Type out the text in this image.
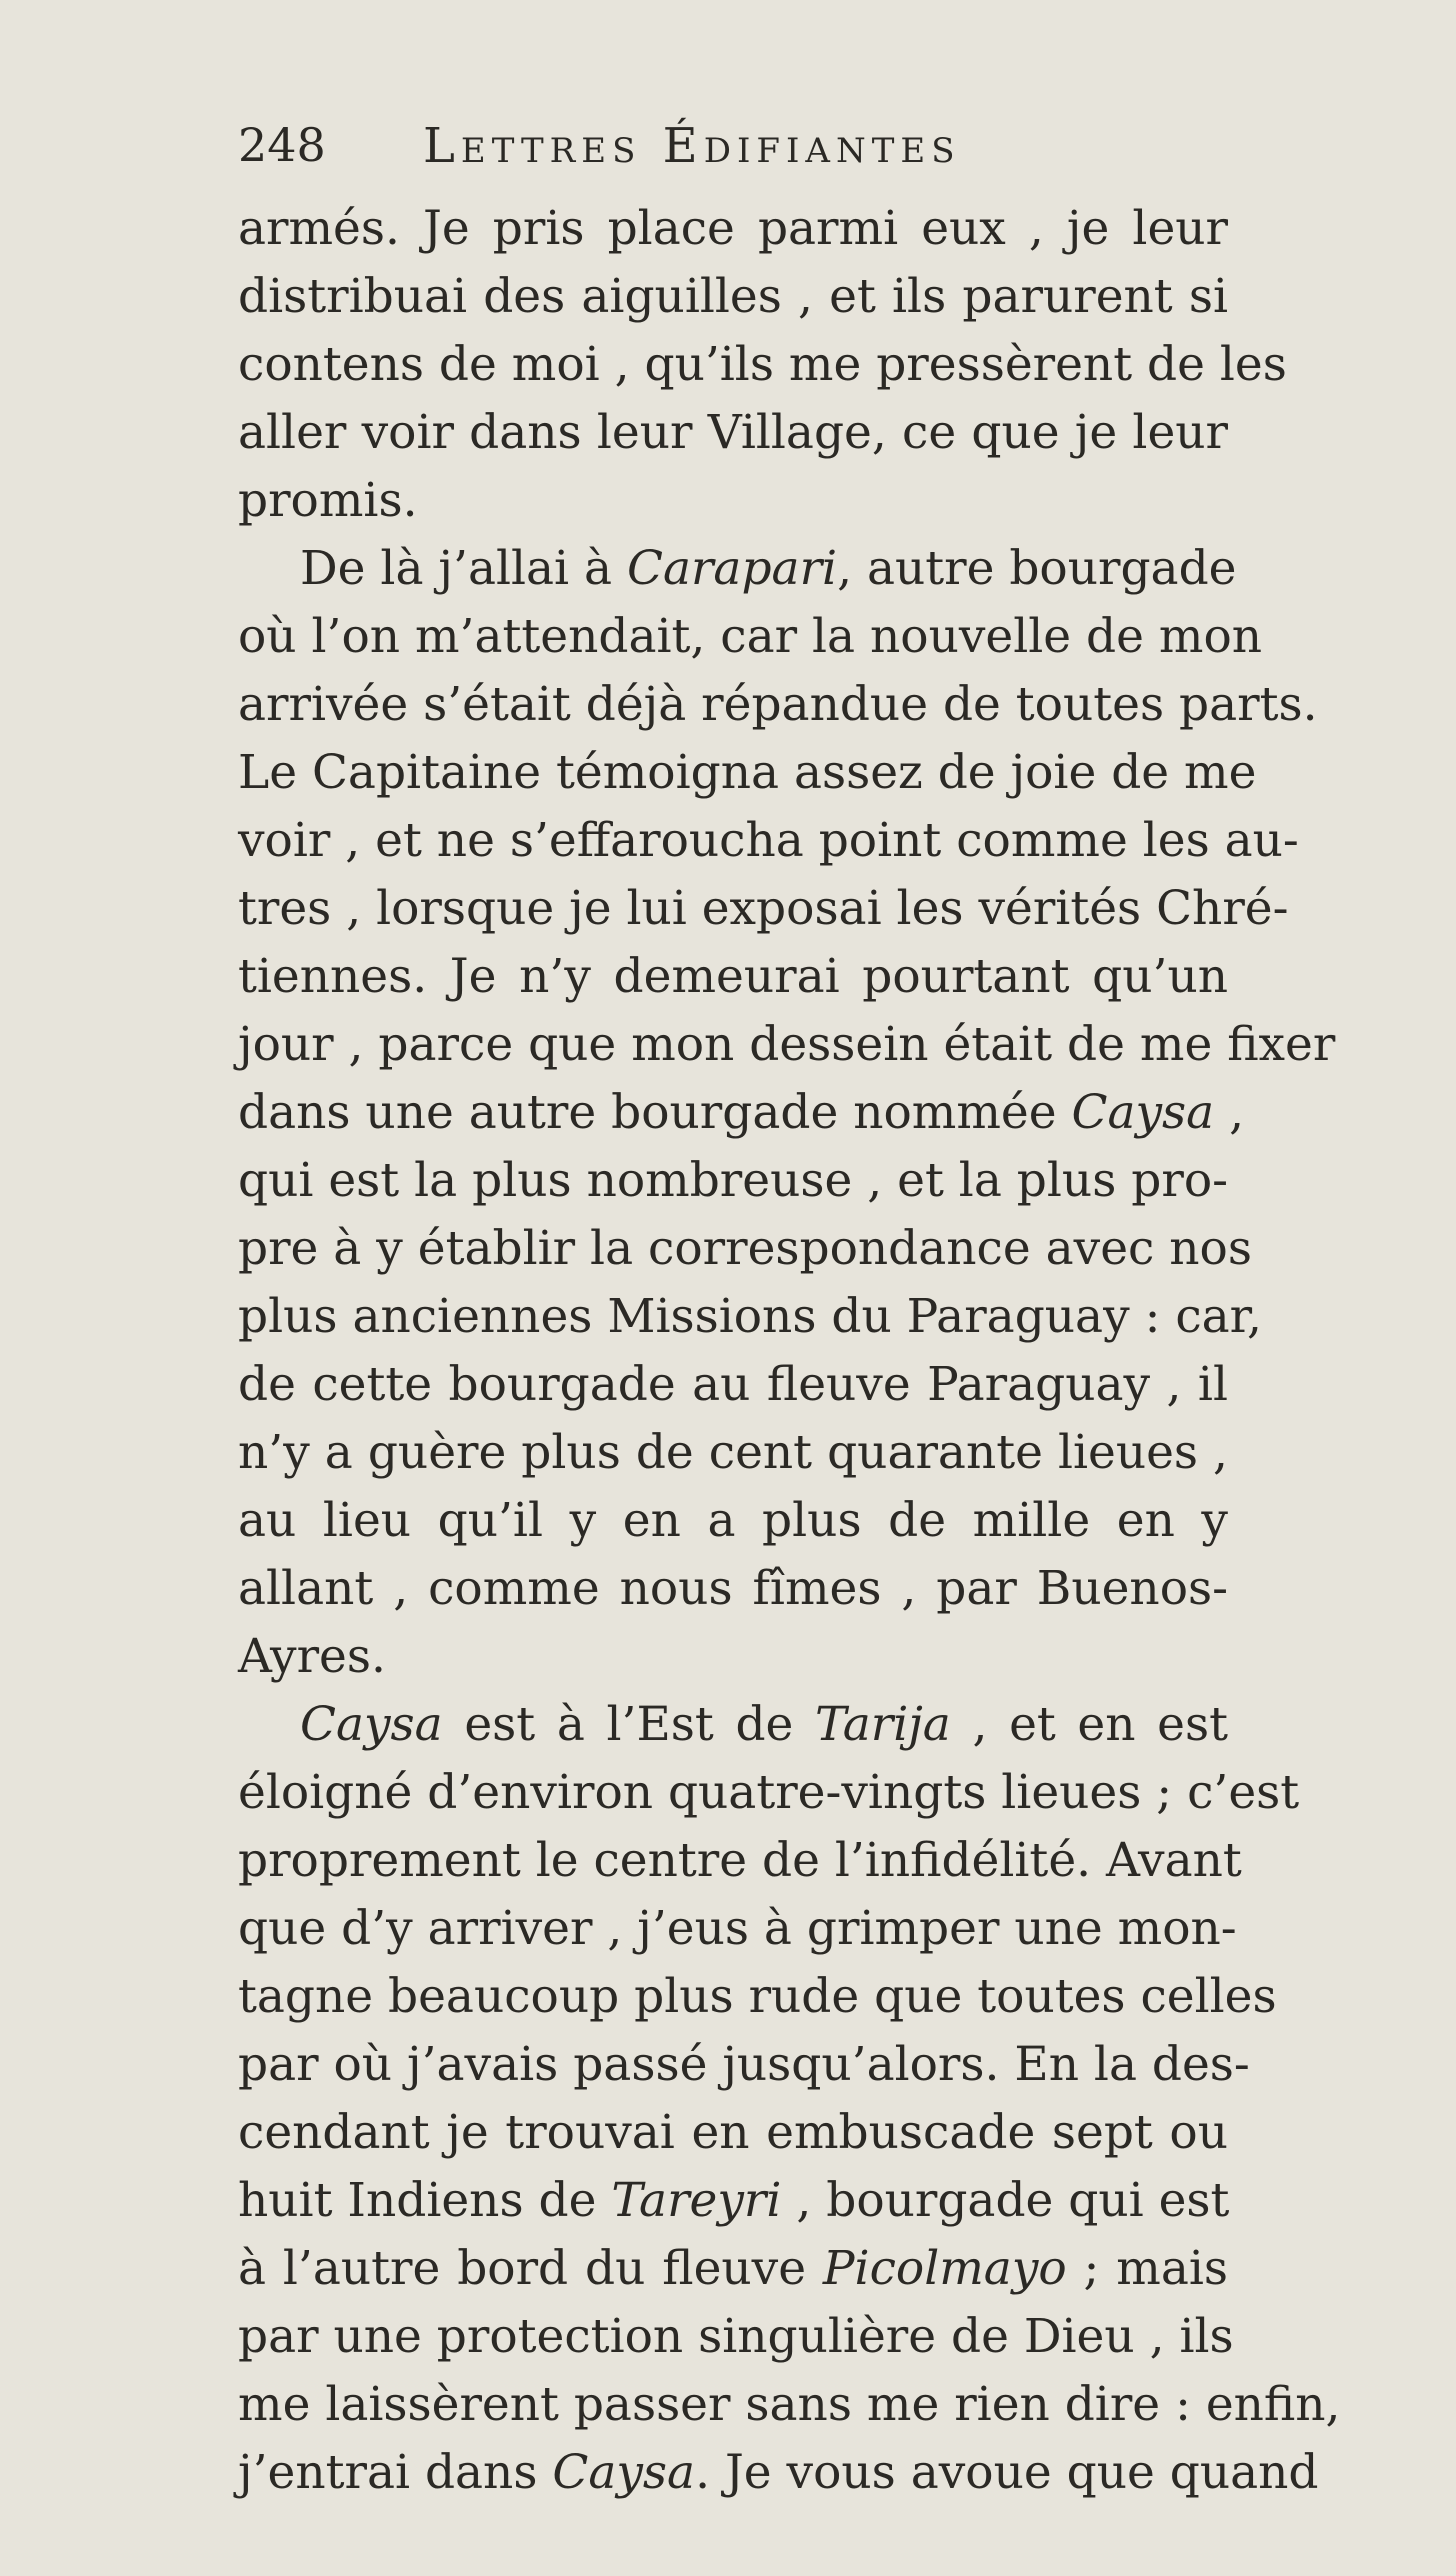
248 Lettres Édifiantes
armés. Je pris place parmi eux , je leur
distribuai des aiguilles , et ils parurent si
contens de moi , qu’ils me pressèrent de les
aller voir dans leur Village, ce que je leur
promis.
De là j’allai à Carapari, autre bourgade
où l’on m’attendait, car la nouvelle de mon
arrivée s’était déjà répandue de toutes parts.
Le Capitaine témoigna assez de joie de me
voir , et ne s’effaroucha point comme les au-
tres , lorsque je lui exposai les vérités Chré-
tiennes. Je n’y demeurai pourtant qu’un
jour , parce que mon dessein était de me fixer
dans une autre bourgade nommée Caysa ,
qui est la plus nombreuse , et la plus pro-
pre à y établir la correspondance avec nos
plus anciennes Missions du Paraguay : car,
de cette bourgade au fleuve Paraguay , il
n’y a guère plus de cent quarante lieues ,
au lieu qu’il y en a plus de mille en y
allant , comme nous fîmes , par Buenos-
Ayres.
Caysa est à l’Est de Tarija , et en est
éloigné d’environ quatre-vingts lieues ; c’est
proprement le centre de l’infidélité. Avant
que d’y arriver , j’eus à grimper une mon-
tagne beaucoup plus rude que toutes celles
par où j’avais passé jusqu’alors. En la des-
cendant je trouvai en embuscade sept ou
huit Indiens de Tareyri , bourgade qui est
à l’autre bord du fleuve Picolmayo ; mais
par une protection singulière de Dieu , ils
me laissèrent passer sans me rien dire : enfin,
j’entrai dans Caysa. Je vous avoue que quand
